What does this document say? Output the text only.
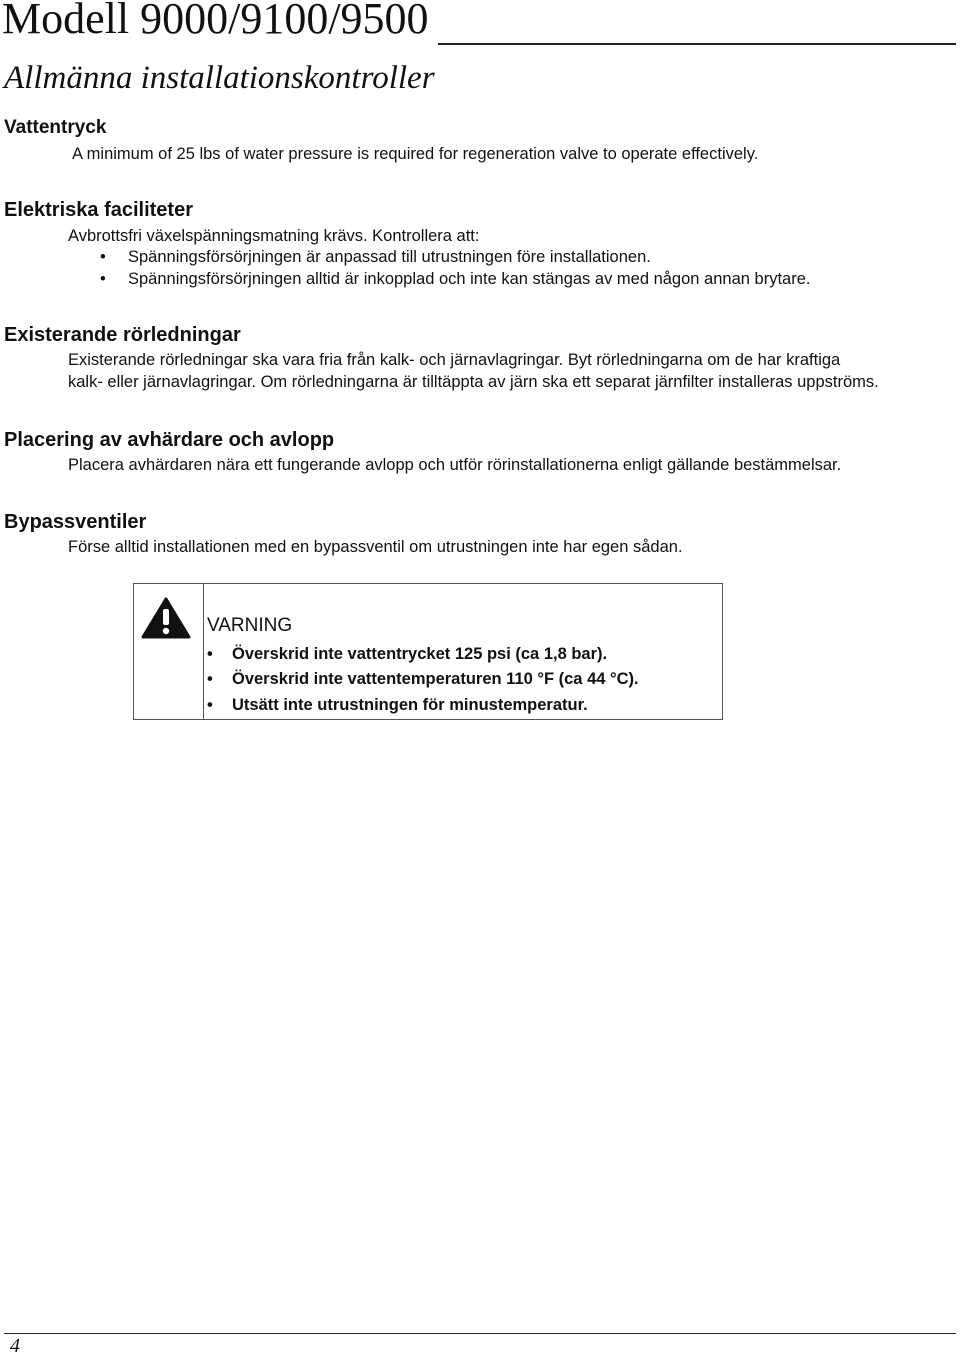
Modell 9000/9100/9500
Allmänna installationskontroller
Vattentryck

A minimum of 25 lbs of water pressure is required for regeneration valve to operate effectively.

Elektriska faciliteter

Avbrottsfri växelspänningsmatning krävs. Kontrollera att:

• Spänningsförsörjningen är anpassad till utrustningen före installationen.
• Spänningsförsörjningen alltid är inkopplad och inte kan stängas av med någon annan brytare.
Existerande rörledningar

Existerande rörledningar ska vara fria från kalk- och järnavlagringar. Byt rörledningarna om de har kraftiga

kalk- eller järnavlagringar. Om rörledningarna är tilltäppta av järn ska ett separat järnfilter installeras uppströms.

Placering av avhärdare och avlopp

Placera avhärdaren nära ett fungerande avlopp och utför rörinstallationerna enligt gällande bestämmelsar.

Bypassventiler

Förse alltid installationen med en bypassventil om utrustningen inte har egen sådan.

VARNING
• Överskrid inte vattentrycket 125 psi (ca 1,8 bar).
• Överskrid inte vattentemperaturen 110 °F (ca 44 °C).
• Utsätt inte utrustningen för minustemperatur.
4
